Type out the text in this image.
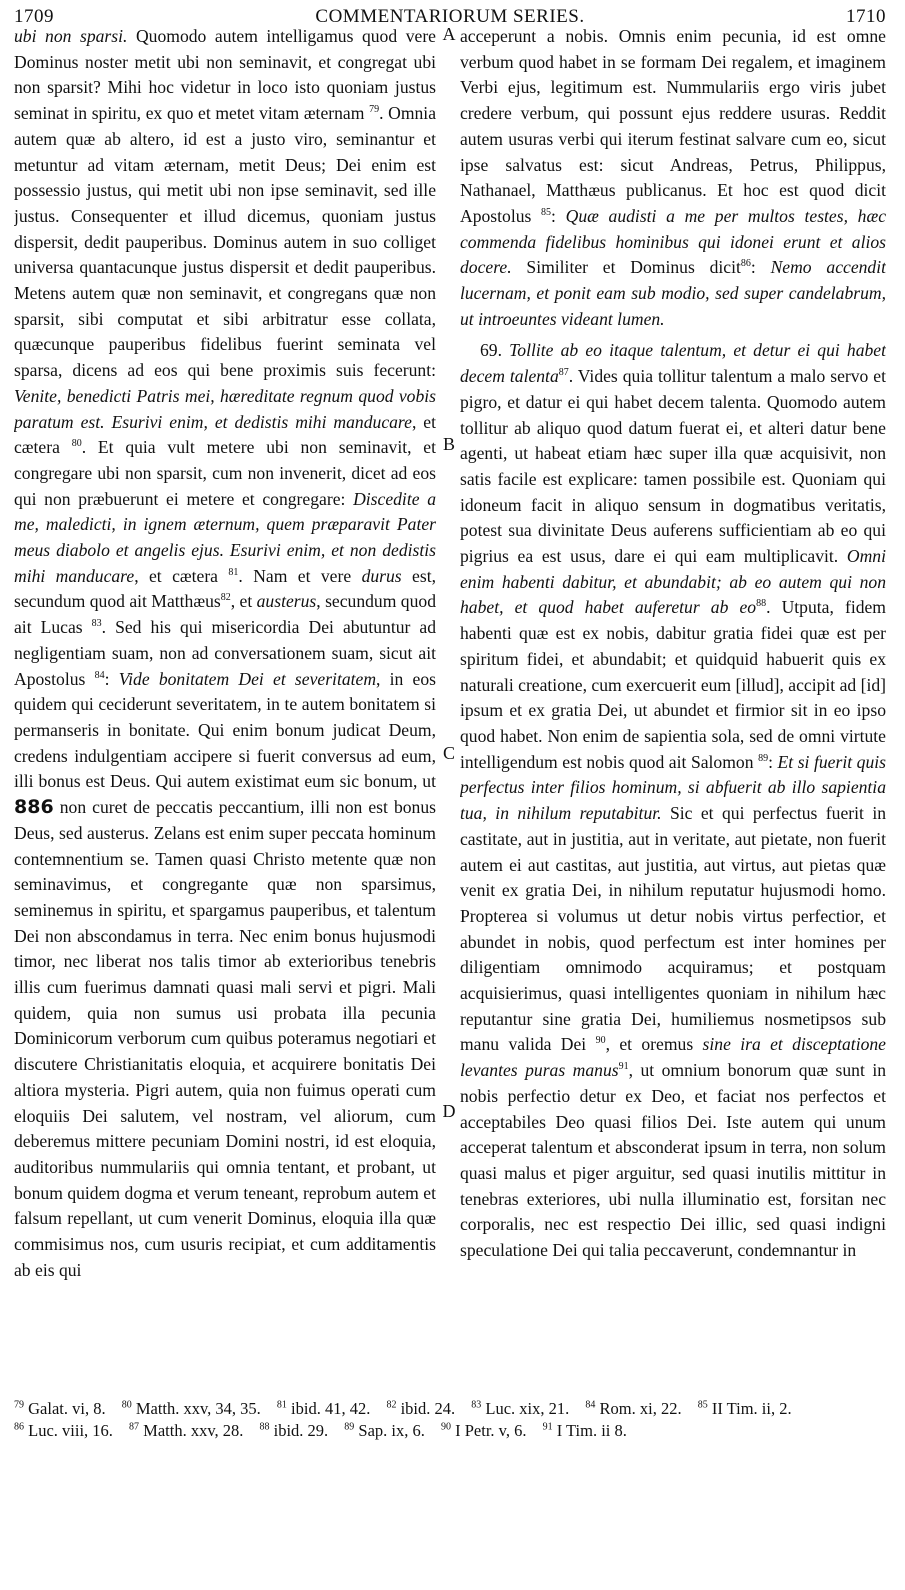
1709	COMMENTARIORUM SERIES.	1710

ubi non sparsi. Quomodo autem intelligamus quod vere Dominus noster metit ubi non seminavit, et congregat ubi non sparsit? Mihi hoc videtur in loco isto quoniam justus seminat in spiritu, ex quo et metet vitam æternam $^{79}$. Omnia autem quæ ab altero, id est a justo viro, seminantur et metuntur ad vitam æternam, metit Deus; Dei enim est possessio justus, qui metit ubi non ipse seminavit, sed ille justus. Consequenter et illud dicemus, quoniam justus dispersit, dedit pauperibus. Dominus autem in suo colliget universa quantacunque justus dispersit et dedit pauperibus. Metens autem quæ non seminavit, et congregans quæ non sparsit, sibi computat et sibi arbitratur esse collata, quæcunque pauperibus fidelibus fuerint seminata vel sparsa, dicens ad eos qui bene proximis suis fecerunt: Venite, benedicti Patris mei, hæreditate regnum quod vobis paratum est. Esurivi enim, et dedistis mihi manducare, et cætera $^{80}$. Et quia vult metere ubi non seminavit, et congregare ubi non sparsit, cum non invenerit, dicet ad eos qui non præbuerunt ei metere et congregare: Discedite a me, maledicti, in ignem æternum, quem præparavit Pater meus diabolo et angelis ejus. Esurivi enim, et non dedistis mihi manducare, et cætera $^{81}$. Nam et vere durus est, secundum quod ait Matthæus$^{82}$, et austerus, secundum quod ait Lucas $^{83}$. Sed his qui misericordia Dei abutuntur ad negligentiam suam, non ad conversationem suam, sicut ait Apostolus $^{84}$: Vide bonitatem Dei et severitatem, in eos quidem qui ceciderunt severitatem, in te autem bonitatem si permanseris in bonitate. Qui enim bonum judicat Deum, credens indulgentiam accipere si fuerit conversus ad eum, illi bonus est Deus. Qui autem existimat eum sic bonum, ut 886 non curet de peccatis peccantium, illi non est bonus Deus, sed austerus. Zelans est enim super peccata hominum contemnentium se. Tamen quasi Christo metente quæ non seminavimus, et congregante quæ non sparsimus, seminemus in spiritu, et spargamus pauperibus, et talentum Dei non abscondamus in terra. Nec enim bonus hujusmodi timor, nec liberat nos talis timor ab exterioribus tenebris illis cum fuerimus damnati quasi mali servi et pigri. Mali quidem, quia non sumus usi probata illa pecunia Dominicorum verborum cum quibus poteramus negotiari et discutere Christianitatis eloquia, et acquirere bonitatis Dei altiora mysteria. Pigri autem, quia non fuimus operati cum eloquiis Dei salutem, vel nostram, vel aliorum, cum deberemus mittere pecuniam Domini nostri, id est eloquia, auditoribus nummulariis qui omnia tentant, et probant, ut bonum quidem dogma et verum teneant, reprobum autem et falsum repellant, ut cum venerit Dominus, eloquia illa quæ commisimus nos, cum usuris recipiat, et cum additamentis ab eis qui

A
B
C
D

acceperunt a nobis. Omnis enim pecunia, id est omne verbum quod habet in se formam Dei regalem, et imaginem Verbi ejus, legitimum est. Nummulariis ergo viris jubet credere verbum, qui possunt ejus reddere usuras. Reddit autem usuras verbi qui iterum festinat salvare cum eo, sicut ipse salvatus est: sicut Andreas, Petrus, Philippus, Nathanael, Matthæus publicanus. Et hoc est quod dicit Apostolus $^{85}$: Quæ audisti a me per multos testes, hæc commenda fidelibus hominibus qui idonei erunt et alios docere. Similiter et Dominus dicit$^{86}$: Nemo accendit lucernam, et ponit eam sub modio, sed super candelabrum, ut introeuntes videant lumen.

69. Tollite ab eo itaque talentum, et detur ei qui habet decem talenta$^{87}$. Vides quia tollitur talentum a malo servo et pigro, et datur ei qui habet decem talenta. Quomodo autem tollitur ab aliquo quod datum fuerat ei, et alteri datur bene agenti, ut habeat etiam hæc super illa quæ acquisivit, non satis facile est explicare: tamen possibile est. Quoniam qui idoneum facit in aliquo sensum in dogmatibus veritatis, potest sua divinitate Deus auferens sufficientiam ab eo qui pigrius ea est usus, dare ei qui eam multiplicavit. Omni enim habenti dabitur, et abundabit; ab eo autem qui non habet, et quod habet auferetur ab $eo^{88}$. Utputa, fidem habenti quæ est ex nobis, dabitur gratia fidei quæ est per spiritum fidei, et abundabit; et quidquid habuerit quis ex naturali creatione, cum exercuerit eum [illud], accipit ad [id] ipsum et ex gratia Dei, ut abundet et firmior sit in eo ipso quod habet. Non enim de sapientia sola, sed de omni virtute intelligendum est nobis quod ait Salomon $^{89}$: Et si fuerit quis perfectus inter filios hominum, si abfuerit ab illo sapientia tua, in nihilum reputabitur. Sic et qui perfectus fuerit in castitate, aut in justitia, aut in veritate, aut pietate, non fuerit autem ei aut castitas, aut justitia, aut virtus, aut pietas quæ venit ex gratia Dei, in nihilum reputatur hujusmodi homo. Propterea si volumus ut detur nobis virtus perfectior, et abundet in nobis, quod perfectum est inter homines per diligentiam omnimodo acquiramus; et postquam acquisierimus, quasi intelligentes quoniam in nihilum hæc reputantur sine gratia Dei, humiliemus nosmetipsos sub manu valida Dei $^{90}$, et oremus sine ira et disceptatione levantes puras manus$^{91}$, ut omnium bonorum quæ sunt in nobis perfectio detur ex Deo, et faciat nos perfectos et acceptabiles Deo quasi filios Dei. Iste autem qui unum acceperat talentum et absconderat ipsum in terra, non solum quasi malus et piger arguitur, sed quasi inutilis mittitur in tenebras exteriores, ubi nulla illuminatio est, forsitan nec corporalis, nec est respectio Dei illic, sed quasi indigni speculatione Dei qui talia peccaverunt, condemnantur in

$^{79}$ Galat. vi, 8. $^{80}$ Matth. xxv, 34, 35. $^{81}$ ibid. 41, 42. $^{82}$ ibid. 24. $^{83}$ Luc. xix, 21. $^{84}$ Rom. xi, 22. $^{85}$ II Tim. ii, 2. $^{86}$ Luc. viii, 16. $^{87}$ Matth. xxv, 28. $^{88}$ ibid. 29. $^{89}$ Sap. ix, 6. $^{90}$ I Petr. v, 6. $^{91}$ I Tim. ii 8.
